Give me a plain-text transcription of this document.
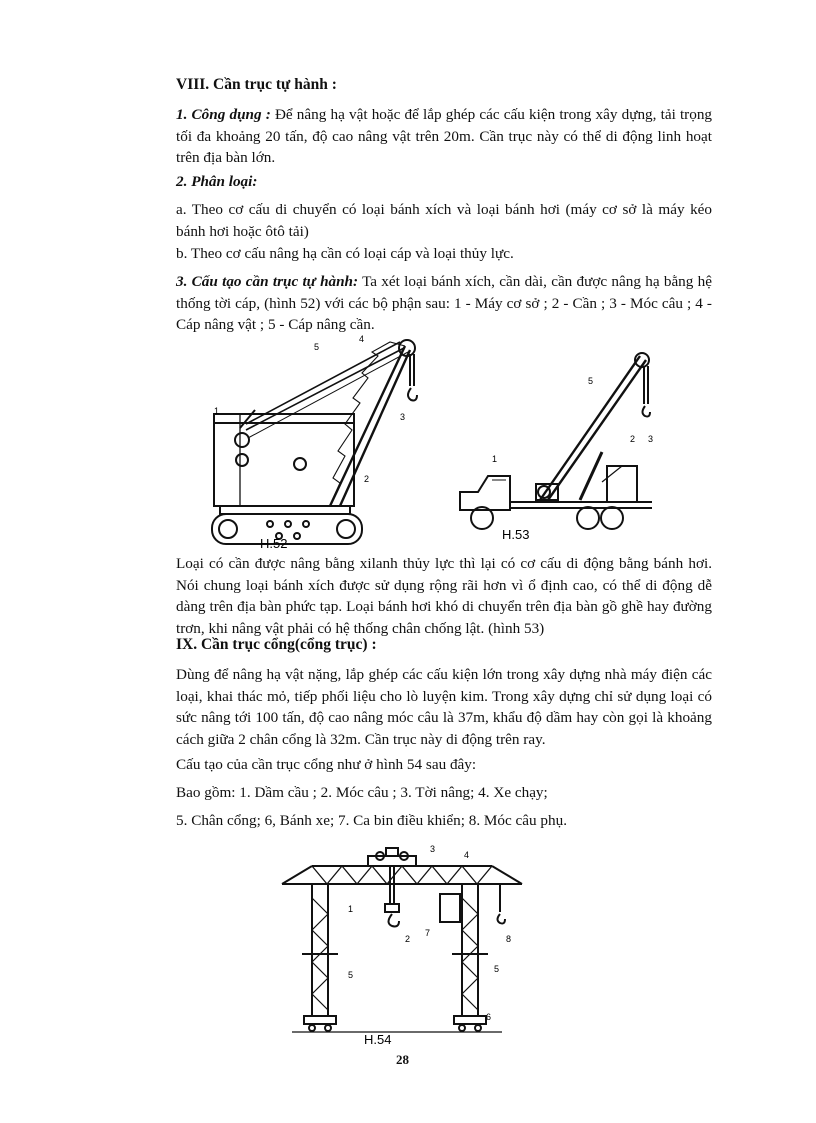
VIII. Cần trục tự hành :
1. Công dụng : Để nâng hạ vật hoặc để lắp ghép các cấu kiện trong xây dựng, tải trọng tối đa khoảng 20 tấn, độ cao nâng vật trên 20m. Cần trục này có thể di động linh hoạt trên địa bàn lớn.
2. Phân loại:
a. Theo cơ cấu di chuyển có loại bánh xích và loại bánh hơi (máy cơ sở là máy kéo bánh hơi hoặc ôtô tải)
b. Theo cơ cấu nâng hạ cần có loại cáp và loại thủy lực.
3. Cấu tạo cần trục tự hành: Ta xét loại bánh xích, cần dài, cần được nâng hạ bằng hệ thống tời cáp, (hình 52) với các bộ phận sau: 1 - Máy cơ sở ; 2 - Cần ; 3 - Móc câu ; 4 - Cáp nâng vật ; 5 - Cáp nâng cần.
5
4
1
2
3
H.52
5
2 3
1
H.53
Loại có cần được nâng bằng xilanh thủy lực thì lại có cơ cấu di động bằng bánh hơi. Nói chung loại bánh xích được sử dụng rộng rãi hơn vì ổ định cao, có thể di động dễ dàng trên địa bàn phức tạp. Loại bánh hơi khó di chuyển trên địa bàn gồ ghề hay đường trơn, khi nâng vật phải có hệ thống chân chống lật. (hình 53)
IX. Cần trục cổng(cổng trục) :
Dùng để nâng hạ vật nặng, lắp ghép các cấu kiện lớn trong xây dựng nhà máy điện các loại, khai thác mỏ, tiếp phối liệu cho lò luyện kim. Trong xây dựng chỉ sử dụng loại có sức nâng tới 100 tấn, độ cao nâng móc câu là 37m, khẩu độ dầm hay còn gọi là khoảng cách giữa 2 chân cổng là 32m. Cần trục này di động trên ray.
Cấu tạo của cần trục cổng như ở hình 54 sau đây:
Bao gồm: 1. Dầm cầu ; 2. Móc câu ; 3. Tời nâng; 4. Xe chạy;
5. Chân cổng; 6, Bánh xe; 7. Ca bin điều khiển; 8. Móc câu phụ.
3
4
1
2
7
8
5
5
6
H.54
28
